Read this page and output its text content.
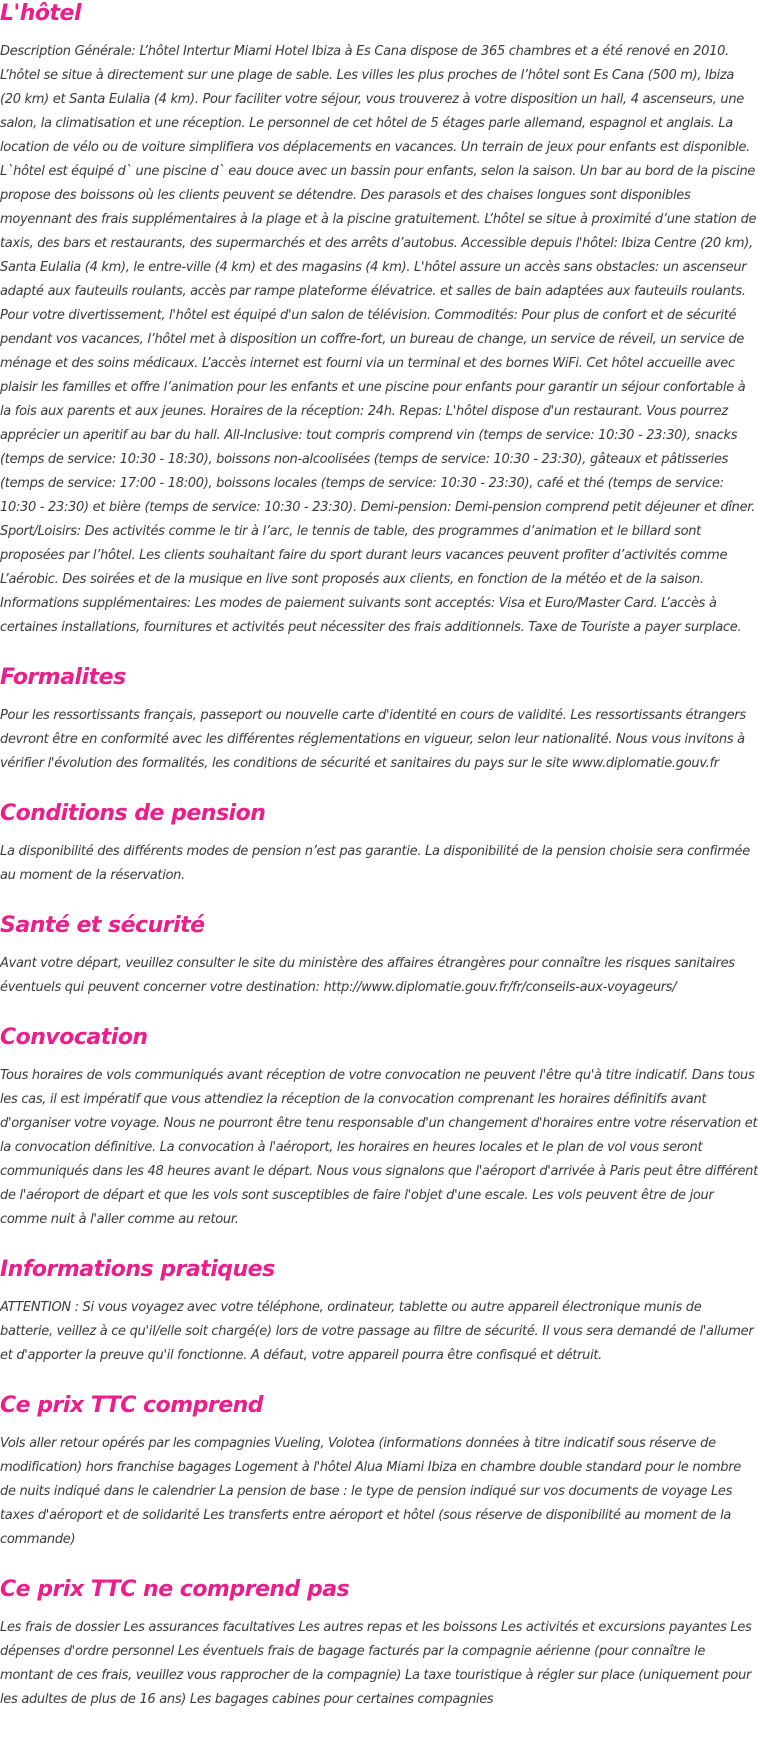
L'hôtel

Description Générale: L’hôtel Intertur Miami Hotel Ibiza à Es Cana dispose de 365 chambres et a été renové en 2010. L’hôtel se situe à directement sur une plage de sable. Les villes les plus proches de l’hôtel sont Es Cana (500 m), Ibiza (20 km) et Santa Eulalia (4 km). Pour faciliter votre séjour, vous trouverez à votre disposition un hall, 4 ascenseurs, une salon, la climatisation et une réception. Le personnel de cet hôtel de 5 étages parle allemand, espagnol et anglais. La location de vélo ou de voiture simplifiera vos déplacements en vacances. Un terrain de jeux pour enfants est disponible. L`hôtel est équipé d` une piscine d` eau douce avec un bassin pour enfants, selon la saison. Un bar au bord de la piscine propose des boissons où les clients peuvent se détendre. Des parasols et des chaises longues sont disponibles moyennant des frais supplémentaires à la plage et à la piscine gratuitement. L’hôtel se situe à proximité d’une station de taxis, des bars et restaurants, des supermarchés et des arrêts d’autobus. Accessible depuis l'hôtel: Ibiza Centre (20 km), Santa Eulalia (4 km), le entre-ville (4 km) et des magasins (4 km). L'hôtel assure un accès sans obstacles: un ascenseur adapté aux fauteuils roulants, accès par rampe plateforme élévatrice. et salles de bain adaptées aux fauteuils roulants. Pour votre divertissement, l'hôtel est équipé d'un salon de télévision. Commodités: Pour plus de confort et de sécurité pendant vos vacances, l’hôtel met à disposition un coffre-fort, un bureau de change, un service de réveil, un service de ménage et des soins médicaux. L’accès internet est fourni via un terminal et des bornes WiFi. Cet hôtel accueille avec plaisir les familles et offre l’animation pour les enfants et une piscine pour enfants pour garantir un séjour confortable à la fois aux parents et aux jeunes. Horaires de la réception: 24h. Repas: L'hôtel dispose d'un restaurant. Vous pourrez apprécier un aperitif au bar du hall. All-Inclusive: tout compris comprend vin (temps de service: 10:30 - 23:30), snacks (temps de service: 10:30 - 18:30), boissons non-alcoolisées (temps de service: 10:30 - 23:30), gâteaux et pâtisseries (temps de service: 17:00 - 18:00), boissons locales (temps de service: 10:30 - 23:30), café et thé (temps de service: 10:30 - 23:30) et bière (temps de service: 10:30 - 23:30). Demi-pension: Demi-pension comprend petit déjeuner et dîner. Sport/Loisirs: Des activités comme le tir à l’arc, le tennis de table, des programmes d’animation et le billard sont proposées par l’hôtel. Les clients souhaitant faire du sport durant leurs vacances peuvent profiter d’activités comme L’aérobic. Des soirées et de la musique en live sont proposés aux clients, en fonction de la météo et de la saison. Informations supplémentaires: Les modes de paiement suivants sont acceptés: Visa et Euro/Master Card. L’accès à certaines installations, fournitures et activités peut nécessiter des frais additionnels. Taxe de Touriste a payer surplace.

Formalites

Pour les ressortissants français, passeport ou nouvelle carte d'identité en cours de validité. Les ressortissants étrangers devront être en conformité avec les différentes réglementations en vigueur, selon leur nationalité. Nous vous invitons à vérifier l'évolution des formalités, les conditions de sécurité et sanitaires du pays sur le site www.diplomatie.gouv.fr

Conditions de pension

La disponibilité des différents modes de pension n’est pas garantie. La disponibilité de la pension choisie sera confirmée au moment de la réservation.

Santé et sécurité

Avant votre départ, veuillez consulter le site du ministère des affaires étrangères pour connaître les risques sanitaires éventuels qui peuvent concerner votre destination: http://www.diplomatie.gouv.fr/fr/conseils-aux-voyageurs/

Convocation

Tous horaires de vols communiqués avant réception de votre convocation ne peuvent l'être qu'à titre indicatif. Dans tous les cas, il est impératif que vous attendiez la réception de la convocation comprenant les horaires définitifs avant d'organiser votre voyage. Nous ne pourront être tenu responsable d'un changement d'horaires entre votre réservation et la convocation définitive. La convocation à l'aéroport, les horaires en heures locales et le plan de vol vous seront communiqués dans les 48 heures avant le départ. Nous vous signalons que l'aéroport d'arrivée à Paris peut être différent de l'aéroport de départ et que les vols sont susceptibles de faire l'objet d'une escale. Les vols peuvent être de jour comme nuit à l'aller comme au retour.

Informations pratiques

ATTENTION : Si vous voyagez avec votre téléphone, ordinateur, tablette ou autre appareil électronique munis de batterie, veillez à ce qu'il/elle soit chargé(e) lors de votre passage au filtre de sécurité. Il vous sera demandé de l'allumer et d'apporter la preuve qu'il fonctionne. A défaut, votre appareil pourra être confisqué et détruit.

Ce prix TTC comprend

Vols aller retour opérés par les compagnies Vueling, Volotea (informations données à titre indicatif sous réserve de modification) hors franchise bagages Logement à l'hôtel Alua Miami Ibiza en chambre double standard pour le nombre de nuits indiqué dans le calendrier La pension de base : le type de pension indiqué sur vos documents de voyage Les taxes d'aéroport et de solidarité Les transferts entre aéroport et hôtel (sous réserve de disponibilité au moment de la commande)

Ce prix TTC ne comprend pas

Les frais de dossier Les assurances facultatives Les autres repas et les boissons Les activités et excursions payantes Les dépenses d'ordre personnel Les éventuels frais de bagage facturés par la compagnie aérienne (pour connaître le montant de ces frais, veuillez vous rapprocher de la compagnie) La taxe touristique à régler sur place (uniquement pour les adultes de plus de 16 ans) Les bagages cabines pour certaines compagnies
